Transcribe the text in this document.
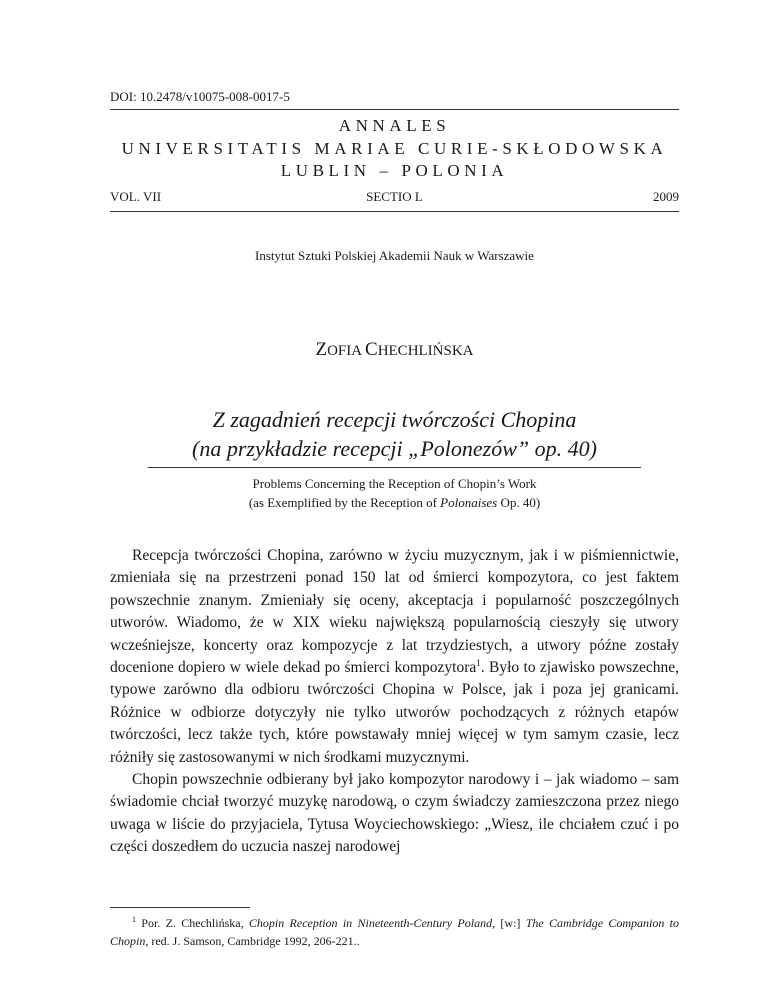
DOI: 10.2478/v10075-008-0017-5
ANNALES
UNIVERSITATIS MARIAE CURIE-SKŁODOWSKA
LUBLIN – POLONIA
VOL. VII	SECTIO L	2009
Instytut Sztuki Polskiej Akademii Nauk w Warszawie
ZOFIA CHECHLIŃSKA
Z zagadnień recepcji twórczości Chopina
(na przykładzie recepcji „Polonezów” op. 40)
Problems Concerning the Reception of Chopin’s Work
(as Exemplified by the Reception of Polonaises Op. 40)

Recepcja twórczości Chopina, zarówno w życiu muzycznym, jak i w piśmiennictwie, zmieniała się na przestrzeni ponad 150 lat od śmierci kompozytora, co jest faktem powszechnie znanym. Zmieniały się oceny, akceptacja i popularność poszczególnych utworów. Wiadomo, że w XIX wieku największą popularnością cieszyły się utwory wcześniejsze, koncerty oraz kompozycje z lat trzydziestych, a utwory późne zostały docenione dopiero w wiele dekad po śmierci kompozytora$^1$. Było to zjawisko powszechne, typowe zarówno dla odbioru twórczości Chopina w Polsce, jak i poza jej granicami. Różnice w odbiorze dotyczyły nie tylko utworów pochodzących z różnych etapów twórczości, lecz także tych, które powstawały mniej więcej w tym samym czasie, lecz różniły się zastosowanymi w nich środkami muzycznymi.

Chopin powszechnie odbierany był jako kompozytor narodowy i – jak wiadomo – sam świadomie chciał tworzyć muzykę narodową, o czym świadczy zamieszczona przez niego uwaga w liście do przyjaciela, Tytusa Woyciechowskiego: „Wiesz, ile chciałem czuć i po części doszedłem do uczucia naszej narodowej

$^1$ Por. Z. Chechlińska, Chopin Reception in Nineteenth-Century Poland, [w:] The Cambridge Companion to Chopin, red. J. Samson, Cambridge 1992, 206-221..
